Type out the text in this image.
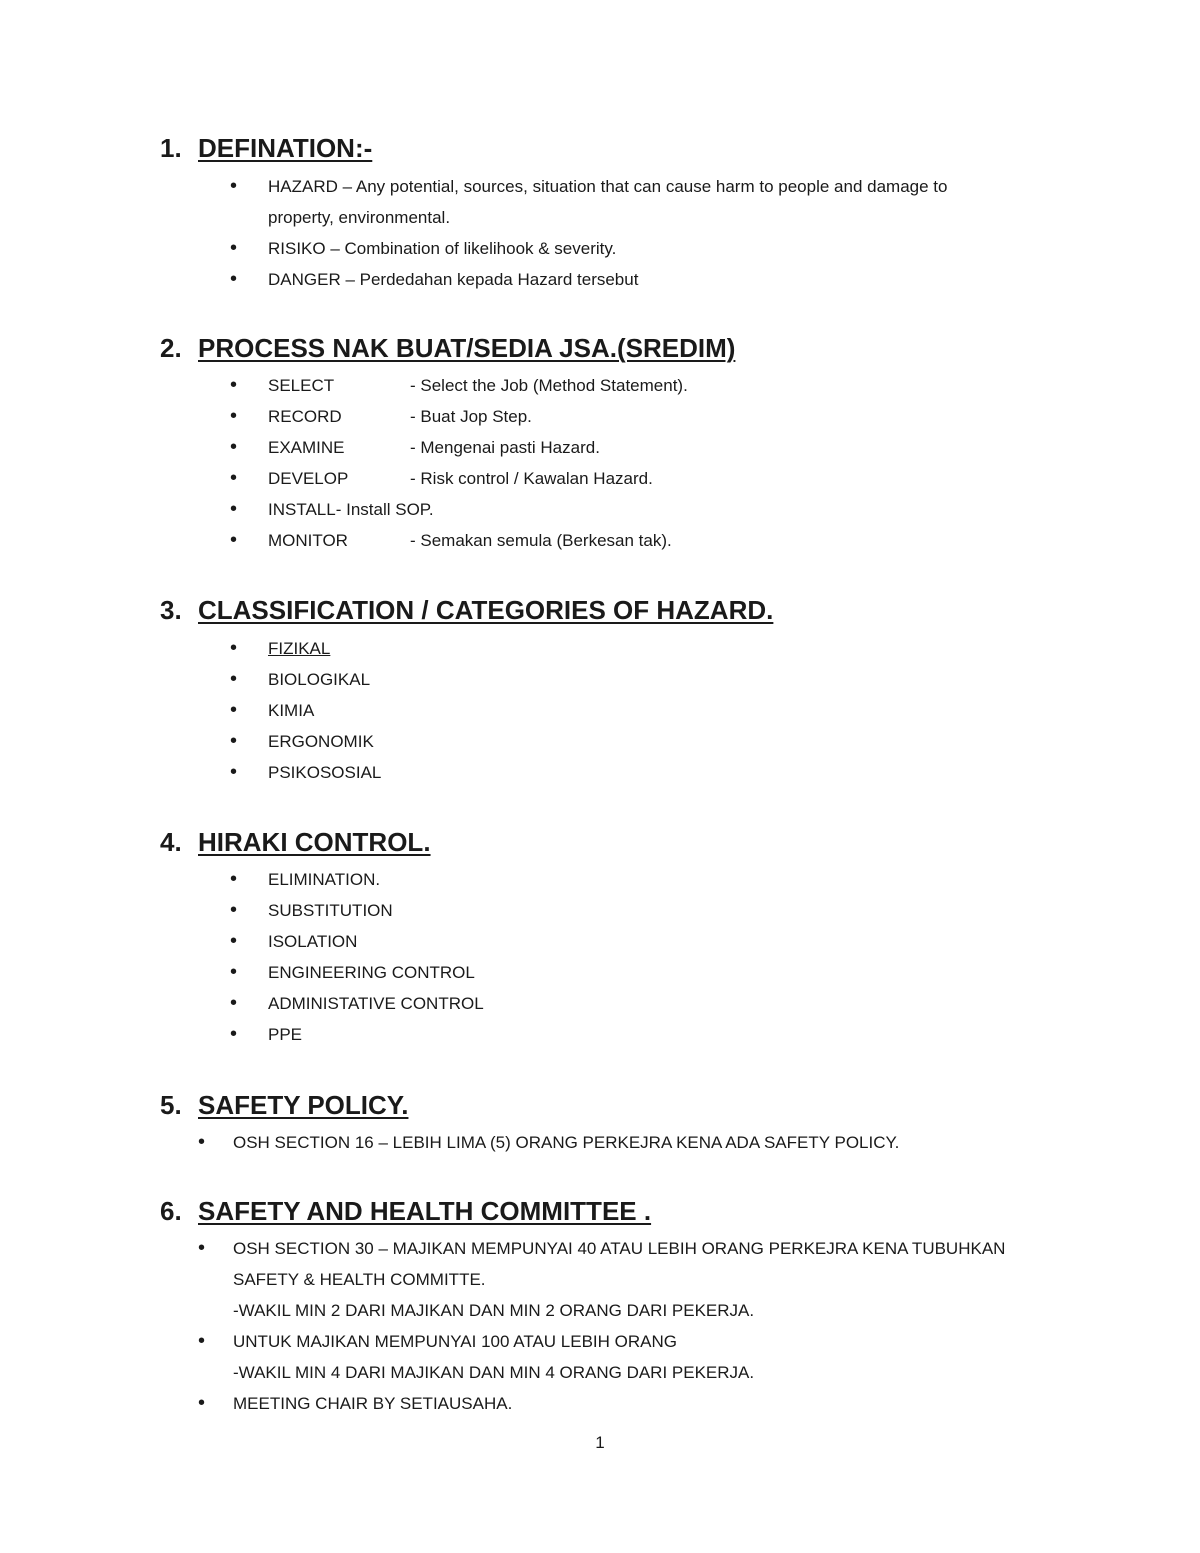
1. DEFINATION:-
• HAZARD – Any potential, sources, situation that can cause harm to people and damage to
property, environmental.
• RISIKO – Combination of likelihook & severity.
• DANGER – Perdedahan kepada Hazard tersebut
2. PROCESS NAK BUAT/SEDIA JSA.(SREDIM)
• SELECT	- Select the Job (Method Statement).
• RECORD	- Buat Jop Step.
• EXAMINE	- Mengenai pasti Hazard.
• DEVELOP	- Risk control / Kawalan Hazard.
• INSTALL- Install SOP.
• MONITOR	- Semakan semula (Berkesan tak).
3. CLASSIFICATION / CATEGORIES OF HAZARD.
• FIZIKAL
• BIOLOGIKAL
• KIMIA
• ERGONOMIK
• PSIKOSOSIAL
4. HIRAKI CONTROL.
• ELIMINATION.
• SUBSTITUTION
• ISOLATION
• ENGINEERING CONTROL
• ADMINISTATIVE CONTROL
• PPE
5. SAFETY POLICY.
• OSH SECTION 16 – LEBIH LIMA (5) ORANG PERKEJRA KENA ADA SAFETY POLICY.
6. SAFETY AND HEALTH COMMITTEE .
• OSH SECTION 30 – MAJIKAN MEMPUNYAI 40 ATAU LEBIH ORANG PERKEJRA KENA TUBUHKAN
SAFETY & HEALTH COMMITTE.
-WAKIL MIN 2 DARI MAJIKAN DAN MIN 2 ORANG DARI PEKERJA.
• UNTUK MAJIKAN MEMPUNYAI 100 ATAU LEBIH ORANG
-WAKIL MIN 4 DARI MAJIKAN DAN MIN 4 ORANG DARI PEKERJA.
• MEETING CHAIR BY SETIAUSAHA.
1
